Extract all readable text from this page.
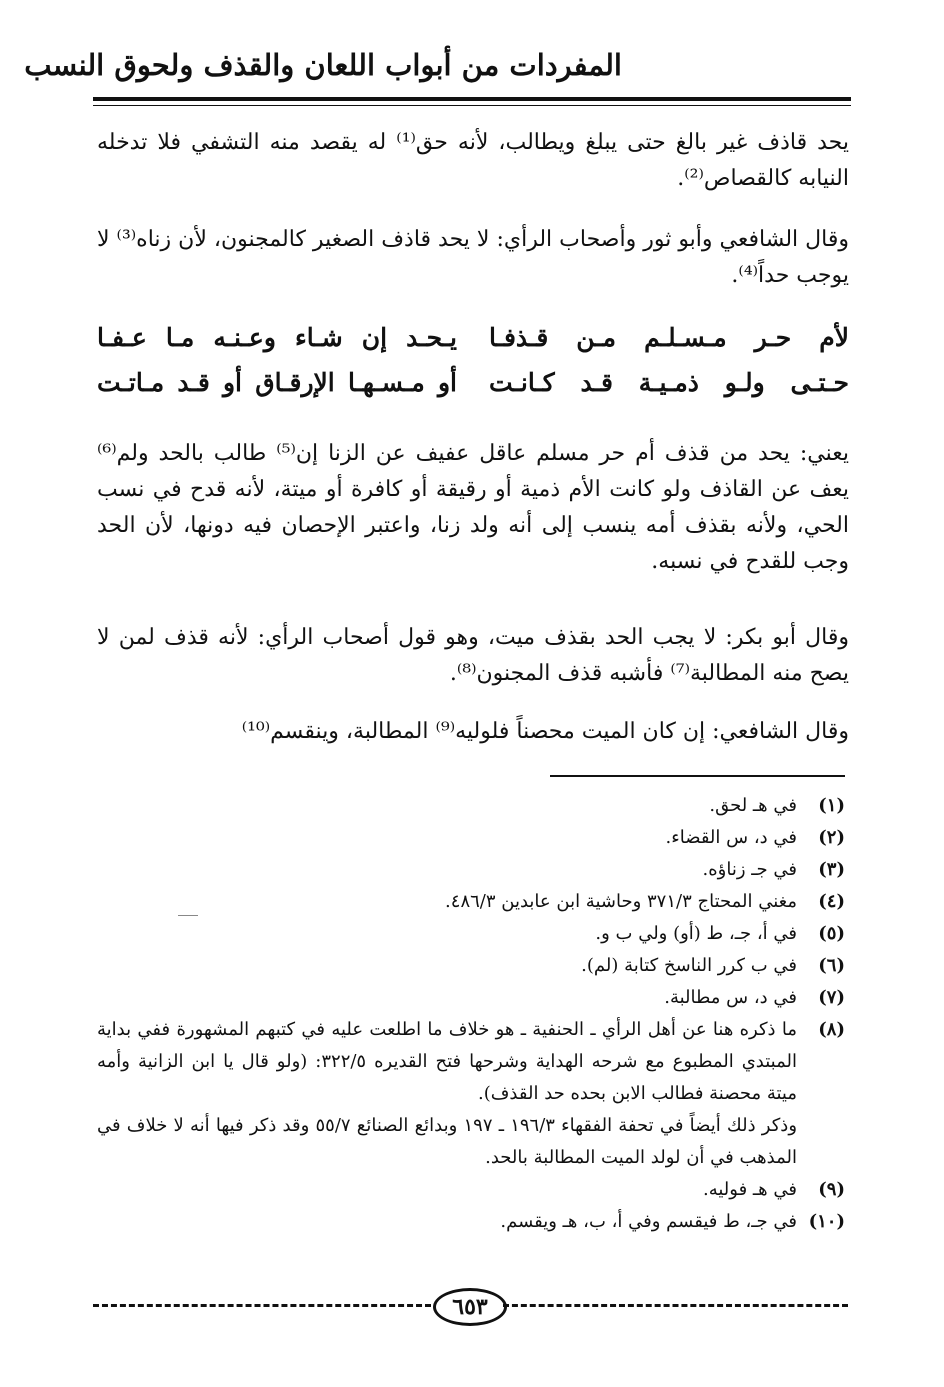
المفردات من أبواب اللعان والقذف ولحوق النسب

يحد قاذف غير بالغ حتى يبلغ ويطالب، لأنه حق⁽¹⁾ له يقصد منه التشفي فلا تدخله النيابه كالقصاص⁽²⁾.

وقال الشافعي وأبو ثور وأصحاب الرأي: لا يحد قاذف الصغير كالمجنون، لأن زناه⁽³⁾ لا يوجب حداً⁽⁴⁾.

لأم حـر مـسـلـم مـن قـذفـا
يـحـد إن شـاء وعـنـه مـا عـفـا
حـتـى ولـو ذمـيـة قـد كـانـت
أو مـسـهـا الإرقـاق أو قـد مـاتـت

يعني: يحد من قذف أم حر مسلم عاقل عفيف عن الزنا إن⁽⁵⁾ طالب بالحد ولم⁽⁶⁾ يعف عن القاذف ولو كانت الأم ذمية أو رقيقة أو كافرة أو ميتة، لأنه قدح في نسب الحي، ولأنه بقذف أمه ينسب إلى أنه ولد زنا، واعتبر الإحصان فيه دونها، لأن الحد وجب للقدح في نسبه.

وقال أبو بكر: لا يجب الحد بقذف ميت، وهو قول أصحاب الرأي: لأنه قذف لمن لا يصح منه المطالبة⁽⁷⁾ فأشبه قذف المجنون⁽⁸⁾.

وقال الشافعي: إن كان الميت محصناً فلوليه⁽⁹⁾ المطالبة، وينقسم⁽¹⁰⁾

(١)

في هـ لحق.

(٢)

في د، س القضاء.

(٣)

في جـ زناؤه.

(٤)

مغني المحتاج ٣٧١/٣ وحاشية ابن عابدين ٤٨٦/٣.

(٥)

في أ، جـ، ط (أو) ولي ب و.

(٦)

في ب كرر الناسخ كتابة (لم).

(٧)

في د، س مطالبة.

(٨)

ما ذكره هنا عن أهل الرأي ـ الحنفية ـ هو خلاف ما اطلعت عليه في كتبهم المشهورة ففي بداية المبتدي المطبوع مع شرحه الهداية وشرحها فتح القديره ٣٢٢/٥: (ولو قال يا ابن الزانية وأمه ميتة محصنة فطالب الابن بحده حد القذف).

وذكر ذلك أيضاً في تحفة الفقهاء ١٩٦/٣ ـ ١٩٧ وبدائع الصنائع ٥٥/٧ وقد ذكر فيها أنه لا خلاف في المذهب في أن لولد الميت المطالبة بالحد.

(٩)

في هـ فوليه.

(١٠)

في جـ، ط فيقسم وفي أ، ب، هـ ويقسم.

٦٥٣
